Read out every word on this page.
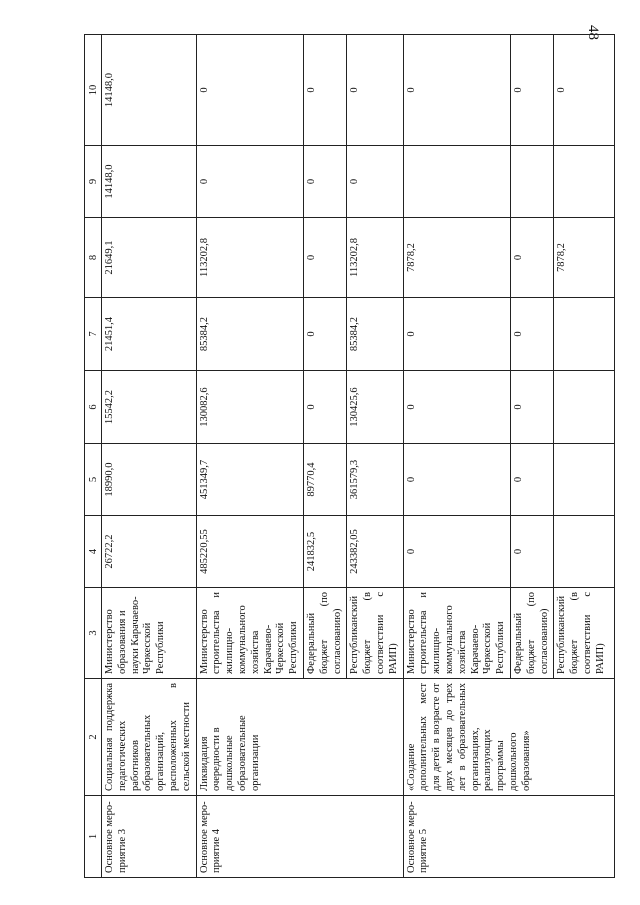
48
1	2	3	4	5	6	7	8	9	10
Основное меро-приятие 3	Социальная поддержка педагогических работников образовательных организаций, расположенных в сельской местности	Министерство образования и науки Карачаево-Черкесской Республики	26722,2	18990,0	15542,2	21451,4	21649,1	14148,0	14148,0
Основное меро-приятие 4	Ликвидация очередности в дошкольные образовательные организации	Министерство строительства и жилищно-коммунального хозяйства Карачаево-Черкесской Республики	485220,55	451349,7	130082,6	85384,2	113202,8	0	0
		Федеральный бюджет (по согласованию)	241832,5	89770,4	0	0	0	0	0
		Республиканский бюджет (в соответствии с РАИП)	243382,05	361579,3	130425,6	85384,2	113202,8	0	0
Основное меро-приятие 5	«Создание дополнительных мест для детей в возрасте от двух месяцев до трех лет в образовательных организациях, реализующих программы дошкольного образования»	Министерство строительства и жилищно-коммунального хозяйства Карачаево-Черкесской Республики	0	0	0	0	7878,2		0
		Федеральный бюджет (по согласованию)	0	0	0	0	0		0
		Республиканский бюджет (в соответствии с РАИП)					7878,2		0
